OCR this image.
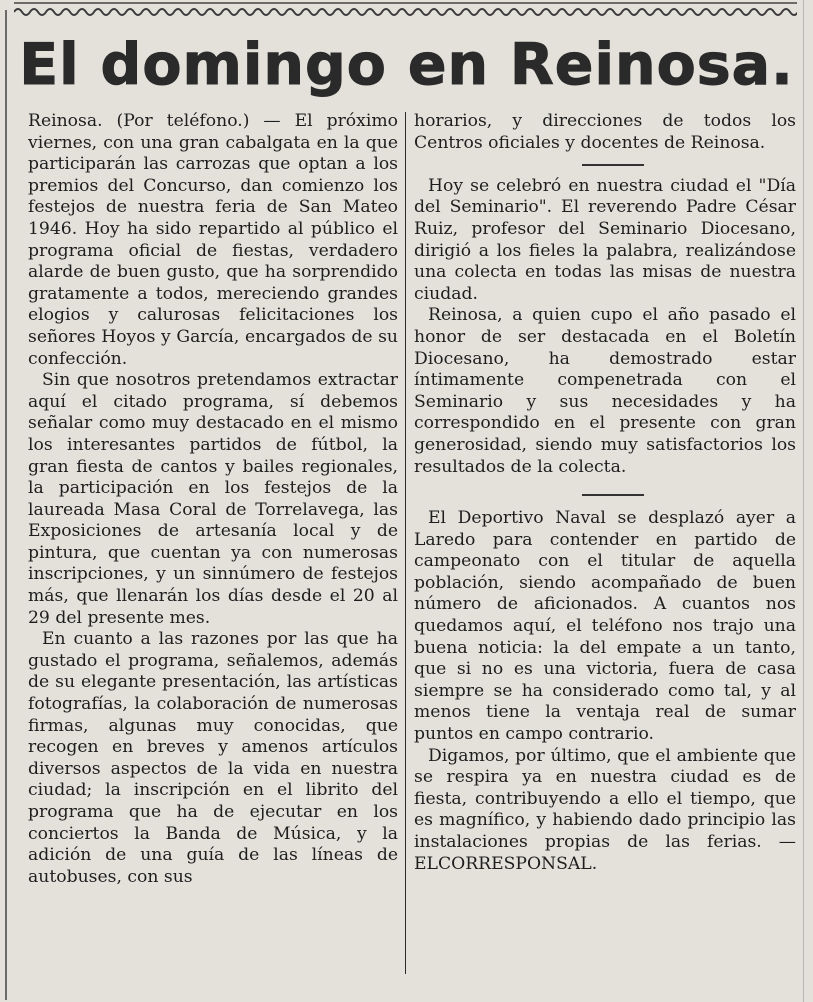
El domingo en Reinosa.

Reinosa. (Por teléfono.) — El próximo viernes, con una gran cabalgata en la que participarán las carrozas que optan a los premios del Concurso, dan comienzo los festejos de nuestra feria de San Mateo 1946. Hoy ha sido repartido al público el programa oficial de fiestas, verdadero alarde de buen gusto, que ha sorprendido gratamente a todos, mereciendo grandes elogios y calurosas felicitaciones los señores Hoyos y García, encargados de su confección.

Sin que nosotros pretendamos extractar aquí el citado programa, sí debemos señalar como muy destacado en el mismo los interesantes partidos de fútbol, la gran fiesta de cantos y bailes regionales, la participación en los festejos de la laureada Masa Coral de Torrelavega, las Exposiciones de artesanía local y de pintura, que cuentan ya con numerosas inscripciones, y un sinnúmero de festejos más, que llenarán los días desde el 20 al 29 del presente mes.

En cuanto a las razones por las que ha gustado el programa, señalemos, además de su elegante presentación, las artísticas fotografías, la colaboración de numerosas firmas, algunas muy conocidas, que recogen en breves y amenos artículos diversos aspectos de la vida en nuestra ciudad; la inscripción en el librito del programa que ha de ejecutar en los conciertos la Banda de Música, y la adición de una guía de las líneas de autobuses, con sus

horarios, y direcciones de todos los Centros oficiales y docentes de Reinosa.

Hoy se celebró en nuestra ciudad el "Día del Seminario". El reverendo Padre César Ruiz, profesor del Seminario Diocesano, dirigió a los fieles la palabra, realizándose una colecta en todas las misas de nuestra ciudad.

Reinosa, a quien cupo el año pasado el honor de ser destacada en el Boletín Diocesano, ha demostrado estar íntimamente compenetrada con el Seminario y sus necesidades y ha correspondido en el presente con gran generosidad, siendo muy satisfactorios los resultados de la colecta.

El Deportivo Naval se desplazó ayer a Laredo para contender en partido de campeonato con el titular de aquella población, siendo acompañado de buen número de aficionados. A cuantos nos quedamos aquí, el teléfono nos trajo una buena noticia: la del empate a un tanto, que si no es una victoria, fuera de casa siempre se ha considerado como tal, y al menos tiene la ventaja real de sumar puntos en campo contrario.

Digamos, por último, que el ambiente que se respira ya en nuestra ciudad es de fiesta, contribuyendo a ello el tiempo, que es magnífico, y habiendo dado principio las instalaciones propias de las ferias. —ELCORRESPONSAL.
